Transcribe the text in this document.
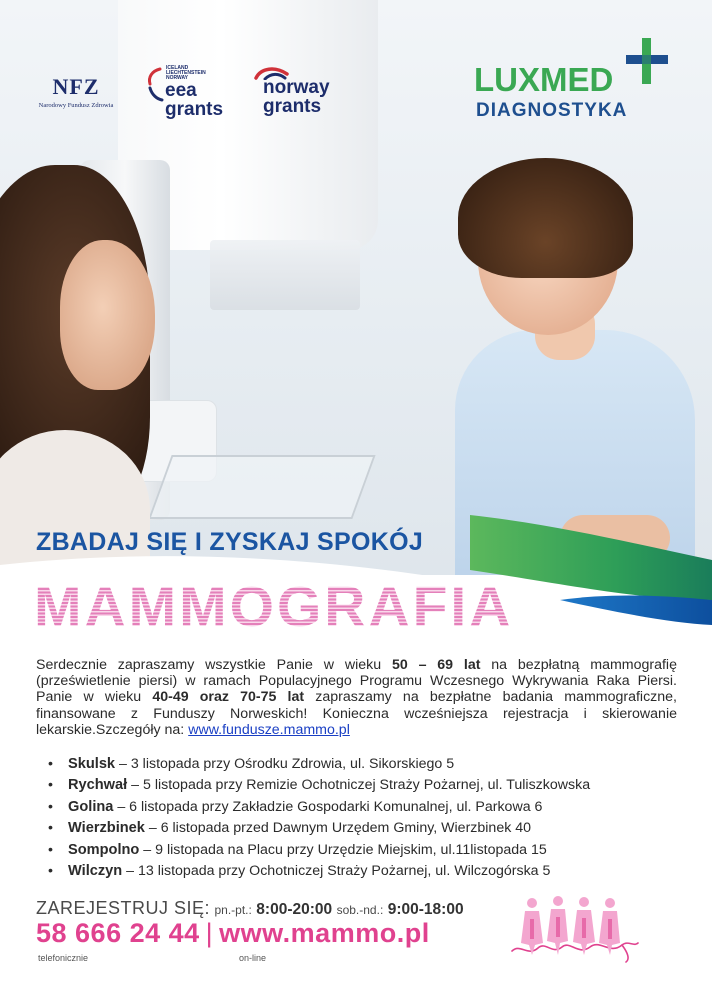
NFZ
Narodowy Fundusz Zdrowia
ICELAND
LIECHTENSTEIN
NORWAY
eea
grants
norway
grants
LUXMED
DIAGNOSTYKA
ZBADAJ SIĘ I ZYSKAJ SPOKÓJ
MAMMOGRAFIA
Serdecznie zapraszamy wszystkie Panie w wieku 50 – 69 lat na bezpłatną mammografię (prześwietlenie piersi) w ramach Populacyjnego Programu Wczesnego Wykrywania Raka Piersi. Panie w wieku 40-49 oraz 70-75 lat zapraszamy na bezpłatne badania mammograficzne, finansowane z Funduszy Norweskich! Konieczna wcześniejsza rejestracja i skierowanie lekarskie.Szczegóły na: www.fundusze.mammo.pl
• Skulsk – 3 listopada przy Ośrodku Zdrowia, ul. Sikorskiego 5
• Rychwał – 5 listopada przy Remizie Ochotniczej Straży Pożarnej, ul. Tuliszkowska
• Golina – 6 listopada przy Zakładzie Gospodarki Komunalnej, ul. Parkowa 6
• Wierzbinek – 6 listopada przed Dawnym Urzędem Gminy, Wierzbinek 40
• Sompolno – 9 listopada na Placu przy Urzędzie Miejskim, ul.11listopada 15
• Wilczyn – 13 listopada przy Ochotniczej Straży Pożarnej, ul. Wilczogórska 5
ZAREJESTRUJ SIĘ: pn.-pt.: 8:00-20:00 sob.-nd.: 9:00-18:00
58 666 24 44 | www.mammo.pl
telefonicznie	on-line
